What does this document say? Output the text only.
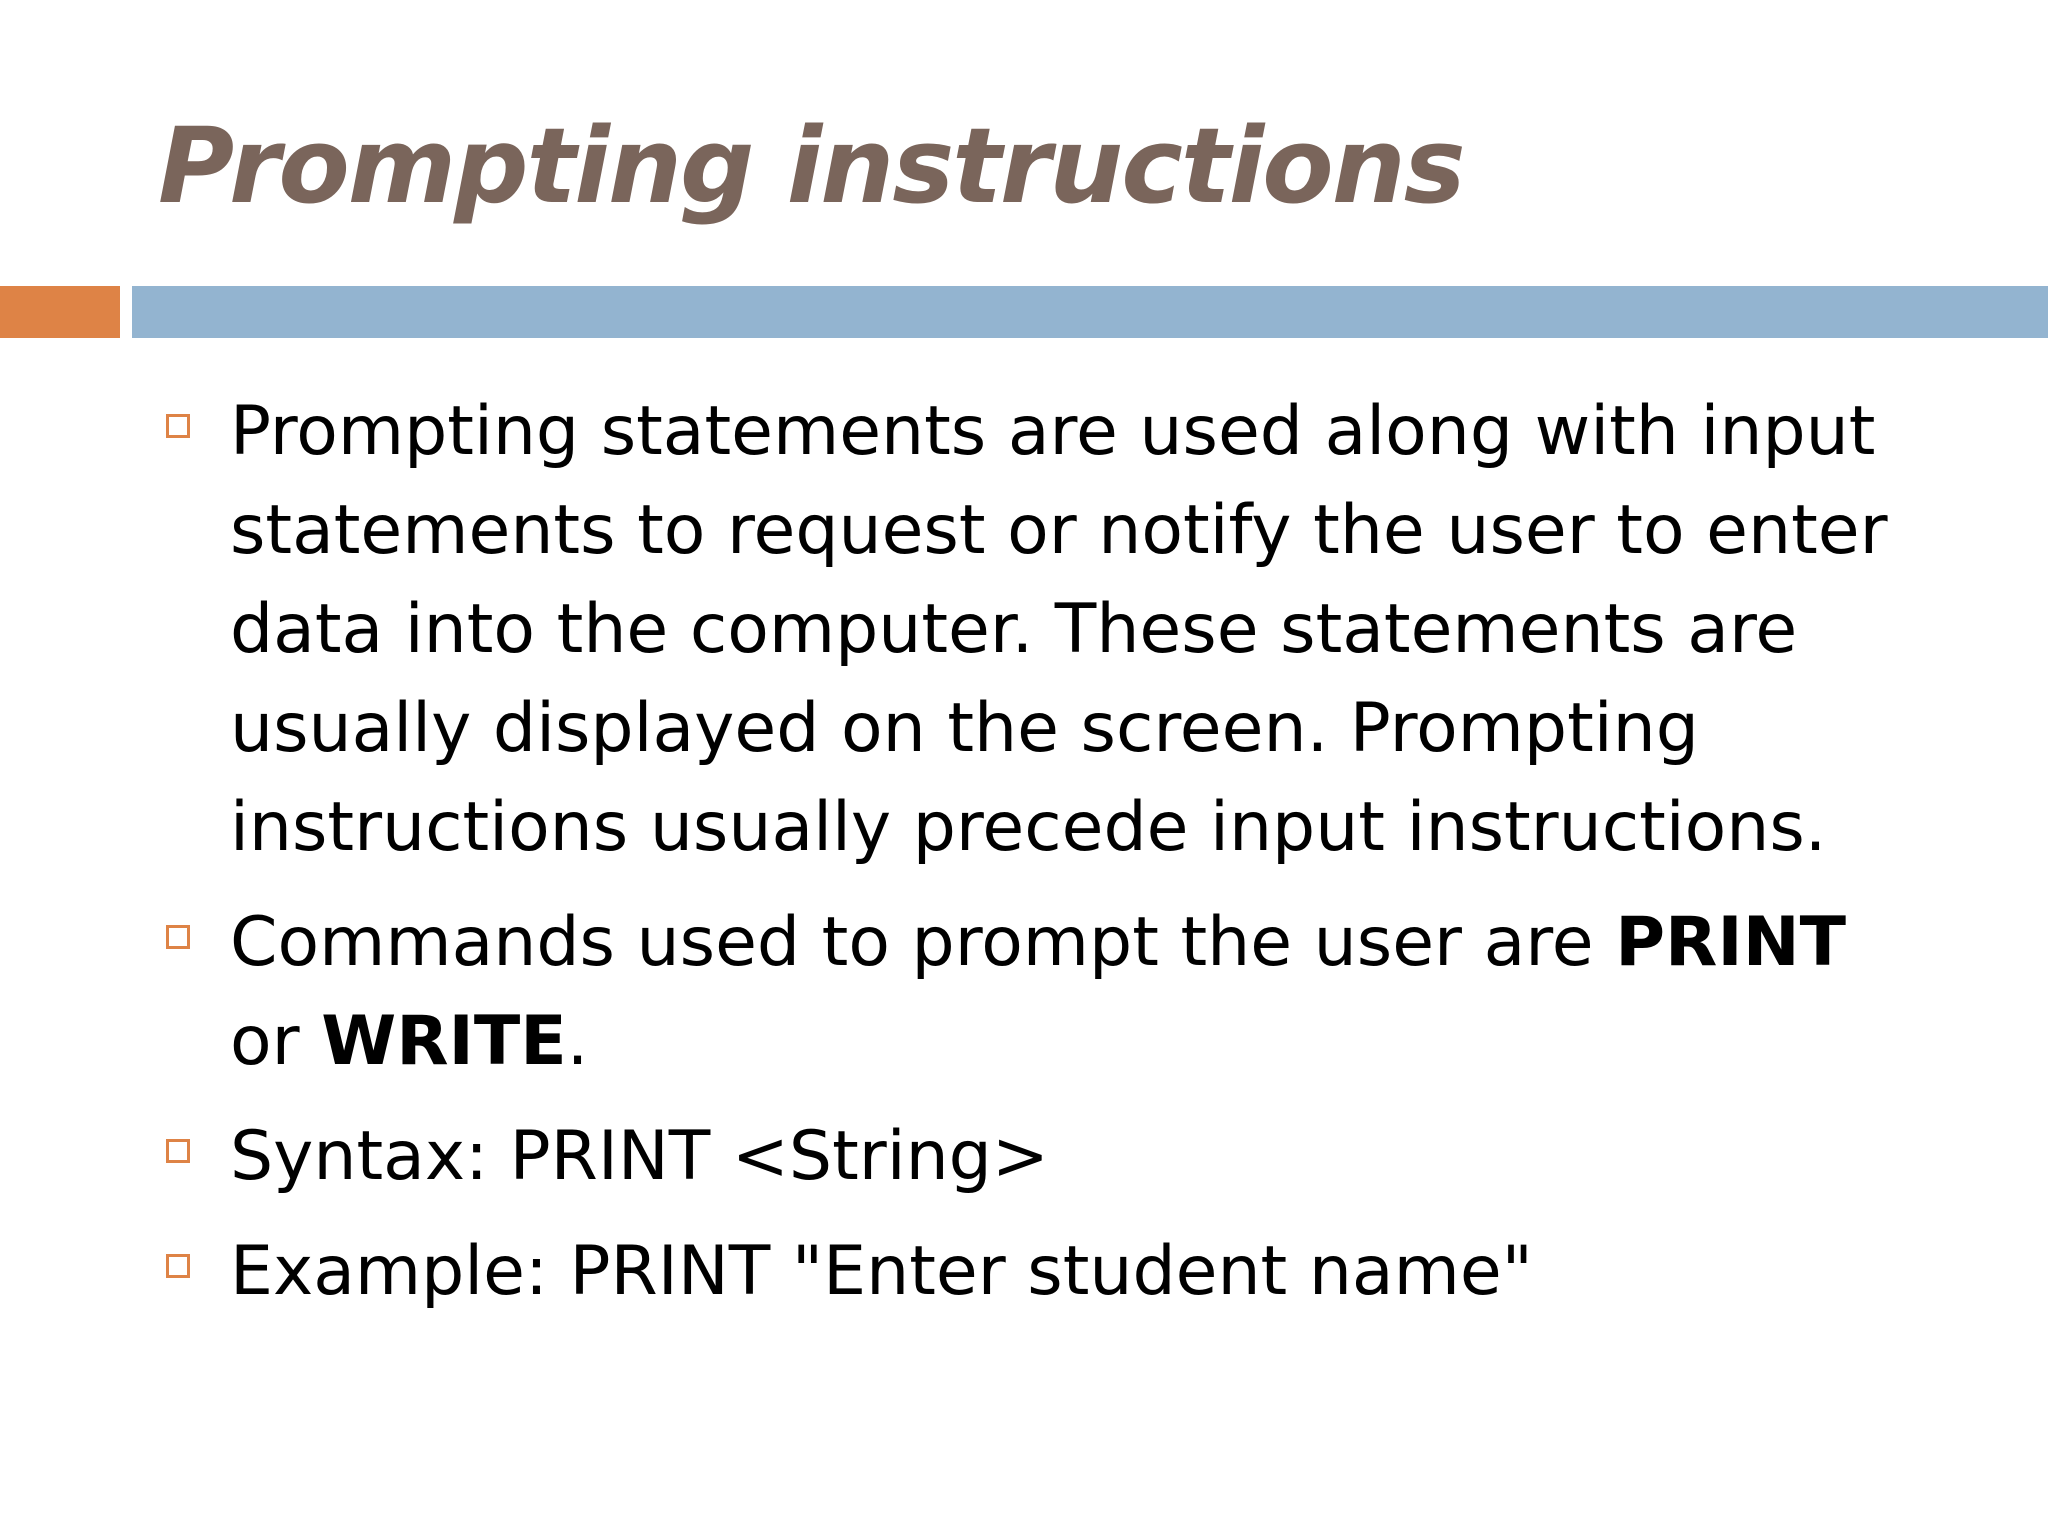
Prompting instructions
Prompting statements are used along with input statements to request or notify the user to enter data into the computer. These statements are usually displayed on the screen. Prompting instructions usually precede input instructions.
Commands used to prompt the user are PRINT or WRITE.
Syntax: PRINT <String>
Example: PRINT "Enter student name"
